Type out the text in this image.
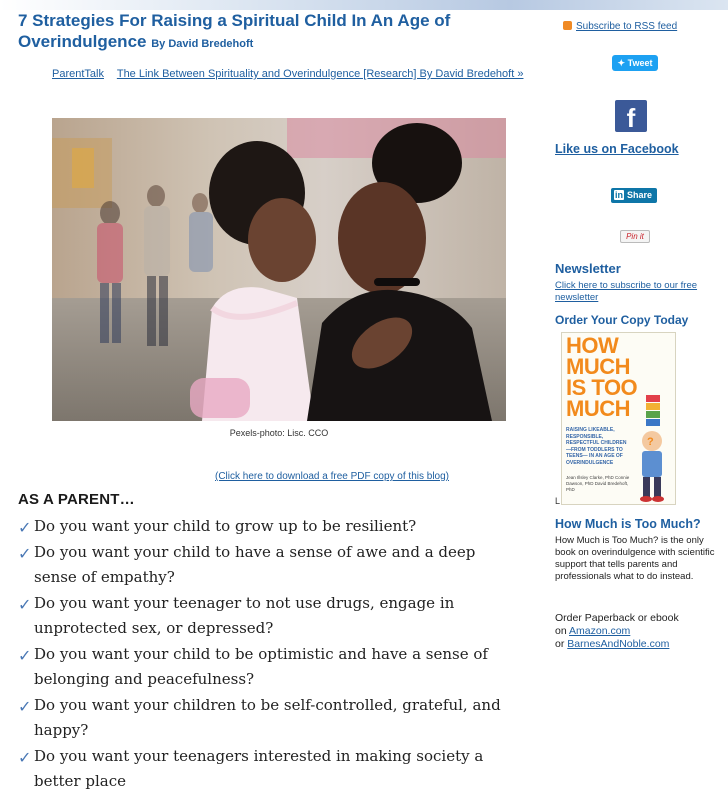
7 Strategies For Raising a Spiritual Child In An Age of Overindulgence By David Bredehoft
ParentTalk The Link Between Spirituality and Overindulgence [Research] By David Bredehoft »
Pexels-photo: Lisc. CCO
(Click here to download a free PDF copy of this blog)
AS A PARENT…
✓ Do you want your child to grow up to be resilient?
✓ Do you want your child to have a sense of awe and a deep sense of empathy?
✓ Do you want your teenager to not use drugs, engage in unprotected sex, or depressed?
✓ Do you want your child to be optimistic and have a sense of belonging and peacefulness?
✓ Do you want your children to be self-controlled, grateful, and happy?
✓ Do you want your teenagers interested in making society a better place
Subscribe to RSS feed
✦ Tweet
f
Like us on Facebook
in Share
Pin it
Newsletter
Click here to subscribe to our free newsletter
Order Your Copy Today
HOW
MUCH
IS TOO
MUCH
RAISING LIKEABLE, RESPONSIBLE, RESPECTFUL CHILDREN —FROM TODDLERS TO TEENS— IN AN AGE OF OVERINDULGENCE
Jean Illsley Clarke, PhD Connie Dawson, PhD David Bredehoft, PhD
?
L
How Much is Too Much?
How Much is Too Much? is the only book on overindulgence with scientific support that tells parents and professionals what to do instead.
Order Paperback or ebook
on Amazon.com
or BarnesAndNoble.com
